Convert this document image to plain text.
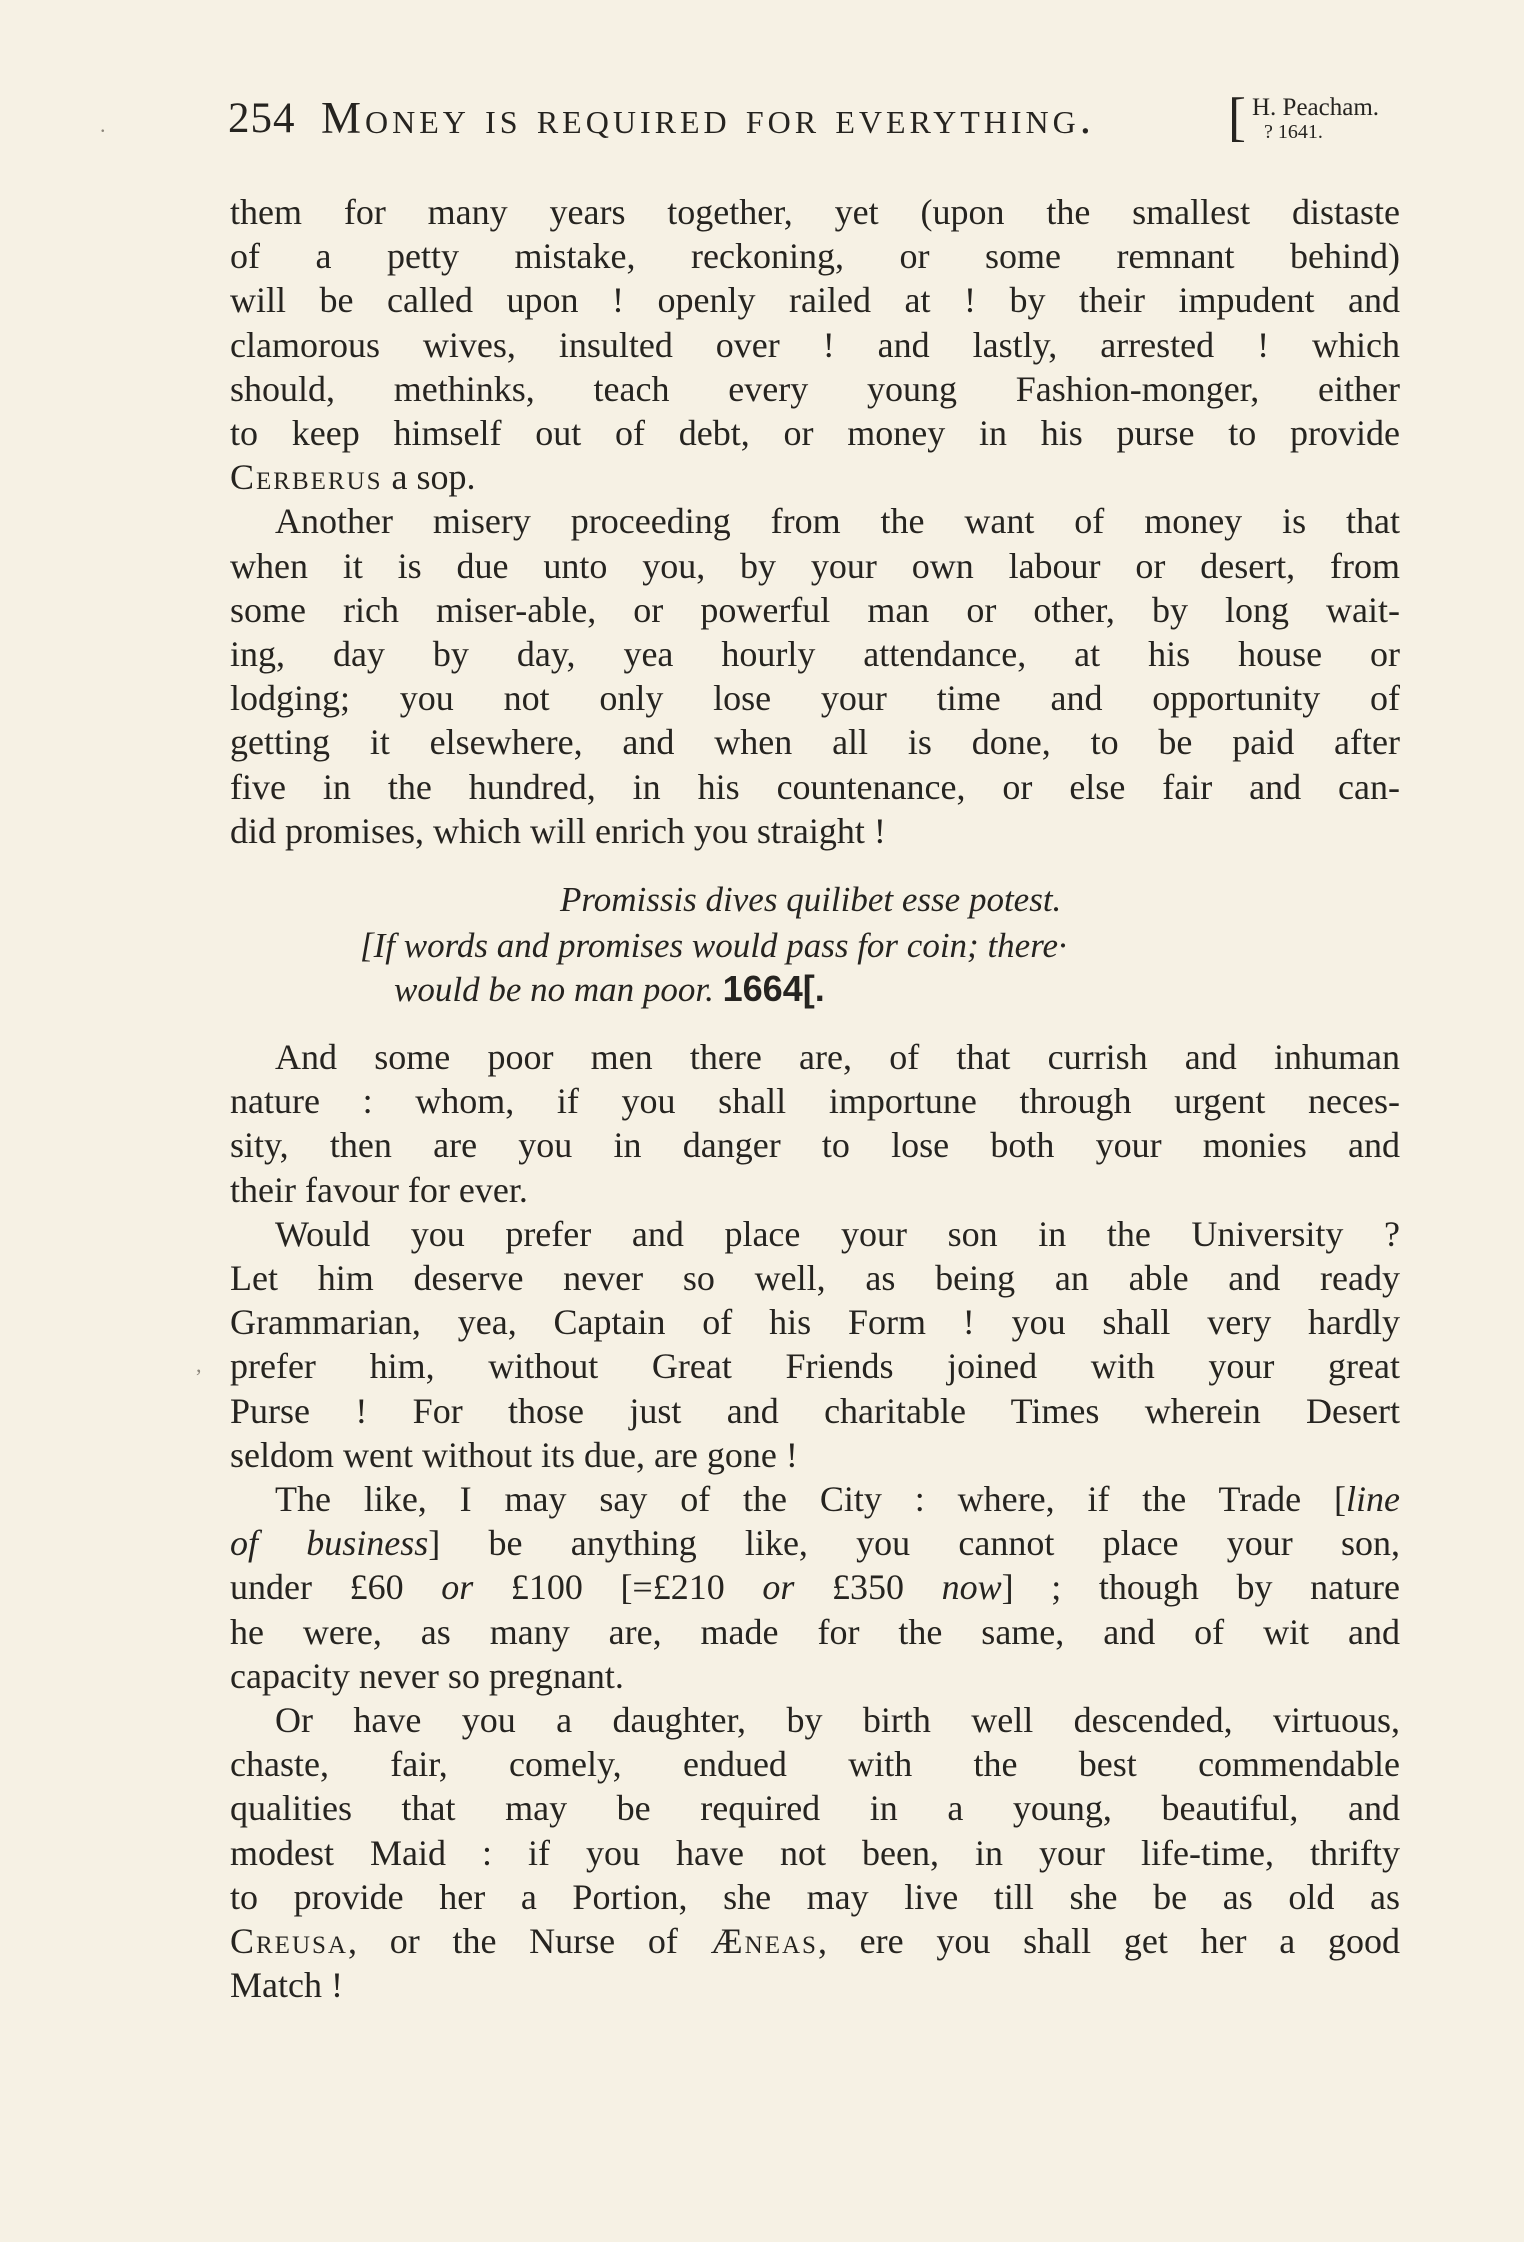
254 Money is required for everything. [ H. Peacham.
? 1641.
.
,
them for many years together, yet (upon the smallest distaste
of a petty mistake, reckoning, or some remnant behind)
will be called upon ! openly railed at ! by their impudent and
clamorous wives, insulted over ! and lastly, arrested ! which
should, methinks, teach every young Fashion-monger, either
to keep himself out of debt, or money in his purse to provide
Cerberus a sop.
Another misery proceeding from the want of money is that
when it is due unto you, by your own labour or desert, from
some rich miser-able, or powerful man or other, by long wait-
ing, day by day, yea hourly attendance, at his house or
lodging; you not only lose your time and opportunity of
getting it elsewhere, and when all is done, to be paid after
five in the hundred, in his countenance, or else fair and can-
did promises, which will enrich you straight !
Promissis dives quilibet esse potest.
[If words and promises would pass for coin; there·
would be no man poor. 1664[.
And some poor men there are, of that currish and inhuman
nature : whom, if you shall importune through urgent neces-
sity, then are you in danger to lose both your monies and
their favour for ever.
Would you prefer and place your son in the University ?
Let him deserve never so well, as being an able and ready
Grammarian, yea, Captain of his Form ! you shall very hardly
prefer him, without Great Friends joined with your great
Purse ! For those just and charitable Times wherein Desert
seldom went without its due, are gone !
The like, I may say of the City : where, if the Trade [line
of business] be anything like, you cannot place your son,
under £60 or £100 [=£210 or £350 now] ; though by nature
he were, as many are, made for the same, and of wit and
capacity never so pregnant.
Or have you a daughter, by birth well descended, virtuous,
chaste, fair, comely, endued with the best commendable
qualities that may be required in a young, beautiful, and
modest Maid : if you have not been, in your life-time, thrifty
to provide her a Portion, she may live till she be as old as
Creusa, or the Nurse of Æneas, ere you shall get her a good
Match !
